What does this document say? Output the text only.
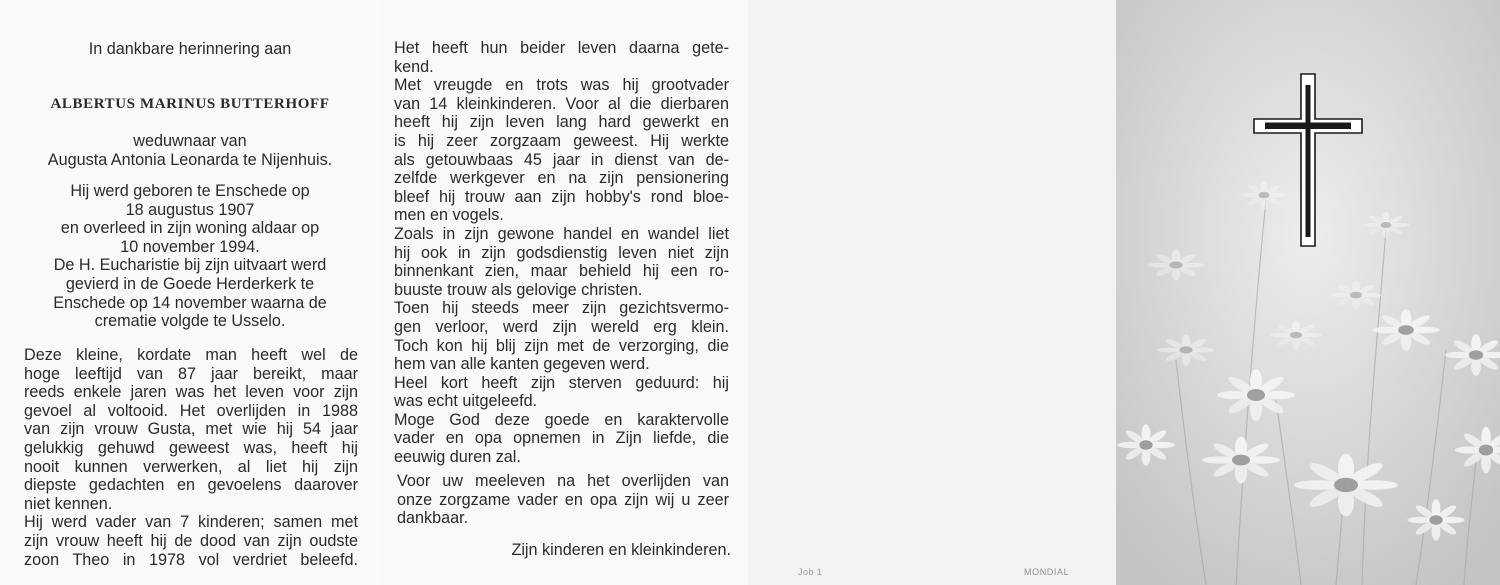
In dankbare herinnering aan
ALBERTUS MARINUS BUTTERHOFF
weduwnaar van
Augusta Antonia Leonarda te Nijenhuis.
Hij werd geboren te Enschede op
18 augustus 1907
en overleed in zijn woning aldaar op
10 november 1994.
De H. Eucharistie bij zijn uitvaart werd
gevierd in de Goede Herderkerk te
Enschede op 14 november waarna de
crematie volgde te Usselo.
Deze kleine, kordate man heeft wel de
hoge leeftijd van 87 jaar bereikt, maar
reeds enkele jaren was het leven voor zijn
gevoel al voltooid. Het overlijden in 1988
van zijn vrouw Gusta, met wie hij 54 jaar
gelukkig gehuwd geweest was, heeft hij
nooit kunnen verwerken, al liet hij zijn
diepste gedachten en gevoelens daarover
niet kennen.
Hij werd vader van 7 kinderen; samen met
zijn vrouw heeft hij de dood van zijn oudste
zoon Theo in 1978 vol verdriet beleefd.
Het heeft hun beider leven daarna gete-
kend.
Met vreugde en trots was hij grootvader
van 14 kleinkinderen. Voor al die dierbaren
heeft hij zijn leven lang hard gewerkt en
is hij zeer zorgzaam geweest. Hij werkte
als getouwbaas 45 jaar in dienst van de-
zelfde werkgever en na zijn pensionering
bleef hij trouw aan zijn hobby's rond bloe-
men en vogels.
Zoals in zijn gewone handel en wandel liet
hij ook in zijn godsdienstig leven niet zijn
binnenkant zien, maar behield hij een ro-
buuste trouw als gelovige christen.
Toen hij steeds meer zijn gezichtsvermo-
gen verloor, werd zijn wereld erg klein.
Toch kon hij blij zijn met de verzorging, die
hem van alle kanten gegeven werd.
Heel kort heeft zijn sterven geduurd: hij
was echt uitgeleefd.
Moge God deze goede en karaktervolle
vader en opa opnemen in Zijn liefde, die
eeuwig duren zal.
Voor uw meeleven na het overlijden van
onze zorgzame vader en opa zijn wij u zeer
dankbaar.
Zijn kinderen en kleinkinderen.
Job 1	MONDIAL
